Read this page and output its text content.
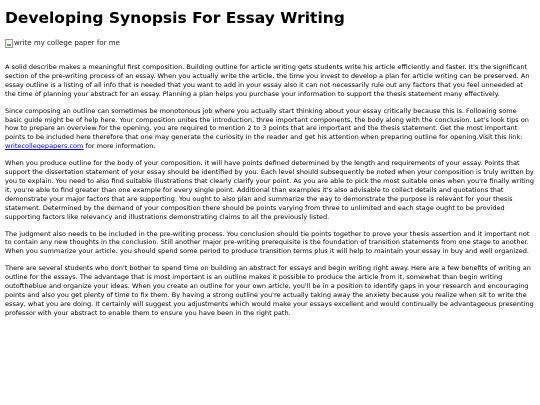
Developing Synopsis For Essay Writing
write my college paper for me

A solid describe makes a meaningful first composition. Building outline for article writing gets students write his article efficiently and faster. It's the significant section of the pre-writing process of an essay. When you actually write the article, the time you invest to develop a plan for article writing can be preserved. An essay outline is a listing of all info that is needed that you want to add in your essay also it can not necessarily rule out any factors that you feel unneeded at the time of planning your abstract for an essay. Planning a plan helps you purchase your information to support the thesis statement many effectively.

Since composing an outline can sometimes be monotonous job where you actually start thinking about your essay critically because this is. Following some basic guide might be of help here. Your composition unites the introduction, three important components, the body along with the conclusion. Let's look tips on how to prepare an overview for the opening, you are required to mention 2 to 3 points that are important and the thesis statement. Get the most important points to be included here therefore that one may generate the curiosity in the reader and get his attention when preparing outline for opening.Visit this link: writecollegepapers.com for more information.

When you produce outline for the body of your composition, it will have points defined determined by the length and requirements of your essay. Points that support the dissertation statement of your essay should be identified by you. Each level should subsequently be noted when your composition is truly written by you to explain. You need to also find suitable illustrations that clearly clarify your point. As you are able to pick the most suitable ones when you're finally writing it, you're able to find greater than one example for every single point. Additional than examples it's also advisable to collect details and quotations that demonstrate your major factors that are supporting. You ought to also plan and summarize the way to demonstrate the purpose is relevant for your thesis statement. Determined by the demand of your composition there should be points varying from three to unlimited and each stage ought to be provided supporting factors like relevancy and illustrations demonstrating claims to all the previously listed.

The judgment also needs to be included in the pre-writing process. You conclusion should tie points together to prove your thesis assertion and it important not to contain any new thoughts in the conclusion. Still another major pre-writing prerequisite is the foundation of transition statements from one stage to another. When you summarize your article, you should spend some period to produce transition terms plus it will help to maintain your essay in buy and well organized.

There are several students who don't bother to spend time on building an abstract for essays and begin writing right away. Here are a few benefits of writing an outline for the essays. The advantage that is most important is an outline makes it possible to produce the article from it, somewhat than begin writing outoftheblue and organize your ideas. When you create an outline for your own article, you'll be in a position to identify gaps in your research and encouraging points and also you get plenty of time to fix them. By having a strong outline you're actually taking away the anxiety because you realize when sit to write the essay, what you are doing. It certainly will suggest you adjustments which would make your essays excellent and would continually be advantageous presenting professor with your abstract to enable them to ensure you have been in the right path.
